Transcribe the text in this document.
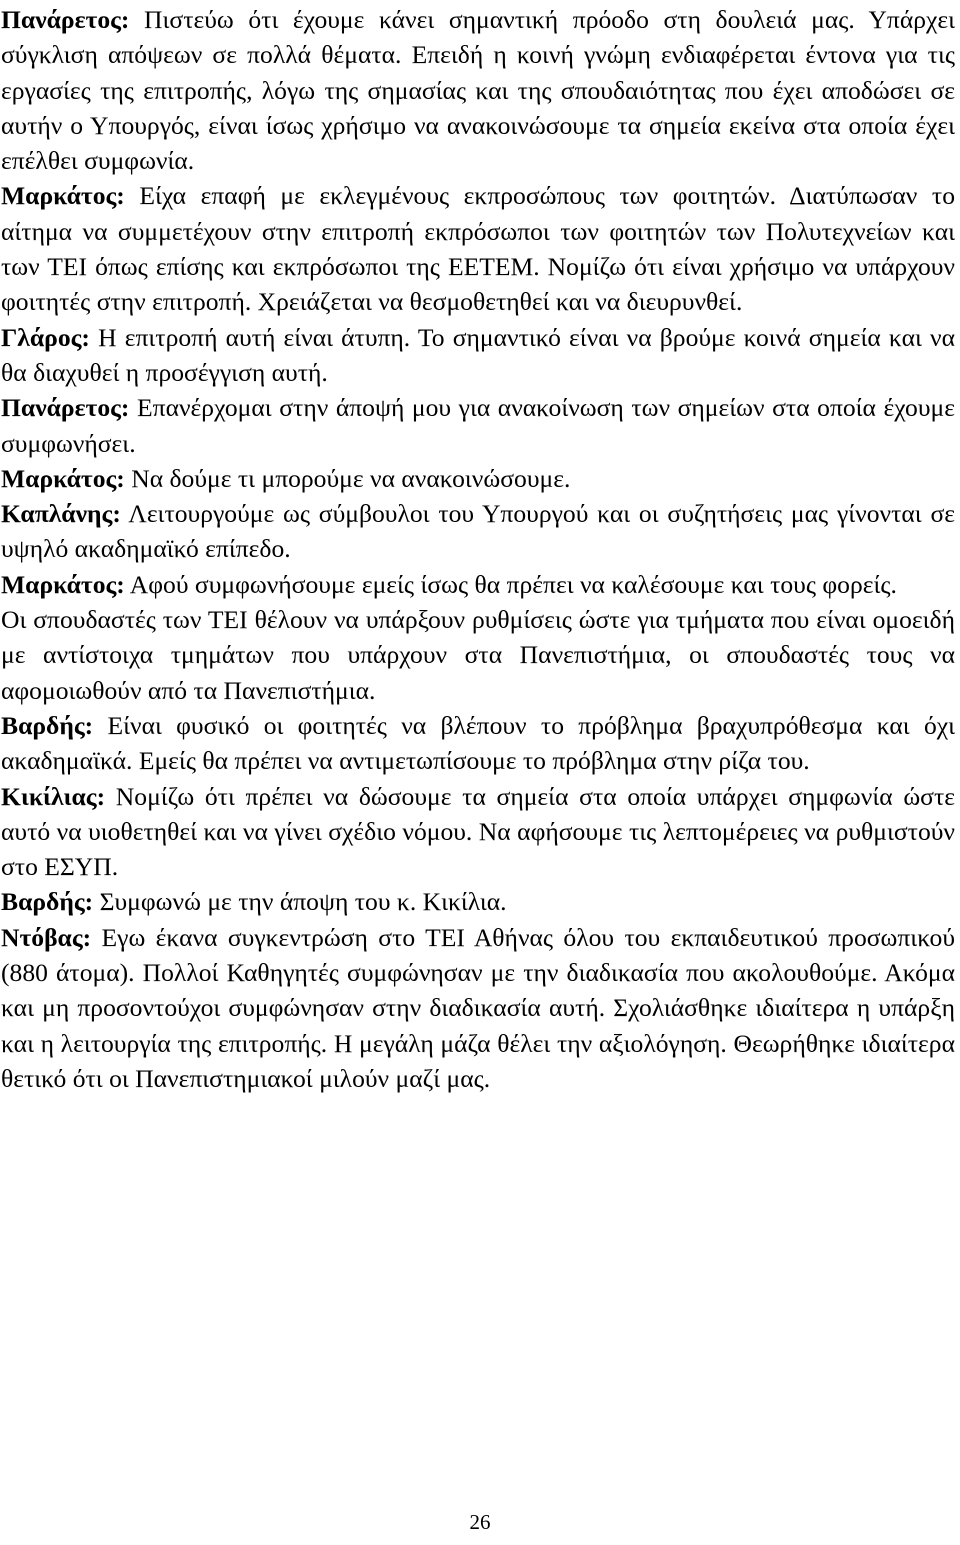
Πανάρετος: Πιστεύω ότι έχουμε κάνει σημαντική πρόοδο στη δουλειά μας. Υπάρχει σύγκλιση απόψεων σε πολλά θέματα. Επειδή η κοινή γνώμη ενδιαφέρεται έντονα για τις εργασίες της επιτροπής, λόγω της σημασίας και της σπουδαιότητας που έχει αποδώσει σε αυτήν ο Υπουργός, είναι ίσως χρήσιμο να ανακοινώσουμε τα σημεία εκείνα στα οποία έχει επέλθει συμφωνία.

Μαρκάτος: Είχα επαφή με εκλεγμένους εκπροσώπους των φοιτητών. Διατύπωσαν το αίτημα να συμμετέχουν στην επιτροπή εκπρόσωποι των φοιτητών των Πολυτεχνείων και των ΤΕΙ όπως επίσης και εκπρόσωποι της ΕΕΤΕΜ. Νομίζω ότι είναι χρήσιμο να υπάρχουν φοιτητές στην επιτροπή. Χρειάζεται να θεσμοθετηθεί και να διευρυνθεί.

Γλάρος: Η επιτροπή αυτή είναι άτυπη. Το σημαντικό είναι να βρούμε κοινά σημεία και να θα διαχυθεί η προσέγγιση αυτή.

Πανάρετος: Επανέρχομαι στην άποψή μου για ανακοίνωση των σημείων στα οποία έχουμε συμφωνήσει.

Μαρκάτος: Να δούμε τι μπορούμε να ανακοινώσουμε.

Καπλάνης: Λειτουργούμε ως σύμβουλοι του Υπουργού και οι συζητήσεις μας γίνονται σε υψηλό ακαδημαϊκό επίπεδο.

Μαρκάτος: Αφού συμφωνήσουμε εμείς ίσως θα πρέπει να καλέσουμε και τους φορείς.

Οι σπουδαστές των ΤΕΙ θέλουν να υπάρξουν ρυθμίσεις ώστε για τμήματα που είναι ομοειδή με αντίστοιχα τμημάτων που υπάρχουν στα Πανεπιστήμια, οι σπουδαστές τους να αφομοιωθούν από τα Πανεπιστήμια.

Βαρδής: Είναι φυσικό οι φοιτητές να βλέπουν το πρόβλημα βραχυπρόθεσμα και όχι ακαδημαϊκά. Εμείς θα πρέπει να αντιμετωπίσουμε το πρόβλημα στην ρίζα του.

Κικίλιας: Νομίζω ότι πρέπει να δώσουμε τα σημεία στα οποία υπάρχει σημφωνία ώστε αυτό να υιοθετηθεί και να γίνει σχέδιο νόμου. Να αφήσουμε τις λεπτομέρειες να ρυθμιστούν στο ΕΣΥΠ.

Βαρδής: Συμφωνώ με την άποψη του κ. Κικίλια.

Ντόβας: Εγω έκανα συγκεντρώση στο ΤΕΙ Αθήνας όλου του εκπαιδευτικού προσωπικού (880 άτομα). Πολλοί Καθηγητές συμφώνησαν με την διαδικασία που ακολουθούμε. Ακόμα και μη προσοντούχοι συμφώνησαν στην διαδικασία αυτή. Σχολιάσθηκε ιδιαίτερα η υπάρξη και η λειτουργία της επιτροπής. Η μεγάλη μάζα θέλει την αξιολόγηση. Θεωρήθηκε ιδιαίτερα θετικό ότι οι Πανεπιστημιακοί μιλούν μαζί μας.

26
